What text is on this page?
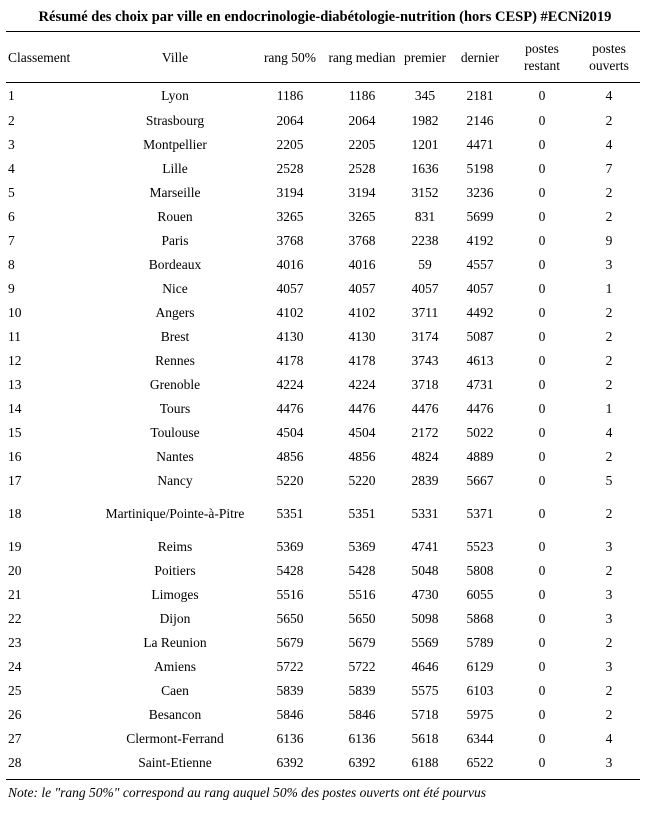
Résumé des choix par ville en endocrinologie-diabétologie-nutrition (hors CESP) #ECNi2019
Classement	Ville	rang 50%	rang median	premier	dernier	postes restant	postes ouverts
1	Lyon	1186	1186	345	2181	0	4
2	Strasbourg	2064	2064	1982	2146	0	2
3	Montpellier	2205	2205	1201	4471	0	4
4	Lille	2528	2528	1636	5198	0	7
5	Marseille	3194	3194	3152	3236	0	2
6	Rouen	3265	3265	831	5699	0	2
7	Paris	3768	3768	2238	4192	0	9
8	Bordeaux	4016	4016	59	4557	0	3
9	Nice	4057	4057	4057	4057	0	1
10	Angers	4102	4102	3711	4492	0	2
11	Brest	4130	4130	3174	5087	0	2
12	Rennes	4178	4178	3743	4613	0	2
13	Grenoble	4224	4224	3718	4731	0	2
14	Tours	4476	4476	4476	4476	0	1
15	Toulouse	4504	4504	2172	5022	0	4
16	Nantes	4856	4856	4824	4889	0	2
17	Nancy	5220	5220	2839	5667	0	5
18	Martinique/Pointe-à-Pitre	5351	5351	5331	5371	0	2
19	Reims	5369	5369	4741	5523	0	3
20	Poitiers	5428	5428	5048	5808	0	2
21	Limoges	5516	5516	4730	6055	0	3
22	Dijon	5650	5650	5098	5868	0	3
23	La Reunion	5679	5679	5569	5789	0	2
24	Amiens	5722	5722	4646	6129	0	3
25	Caen	5839	5839	5575	6103	0	2
26	Besancon	5846	5846	5718	5975	0	2
27	Clermont-Ferrand	6136	6136	5618	6344	0	4
28	Saint-Etienne	6392	6392	6188	6522	0	3
Note: le "rang 50%" correspond au rang auquel 50% des postes ouverts ont été pourvus
